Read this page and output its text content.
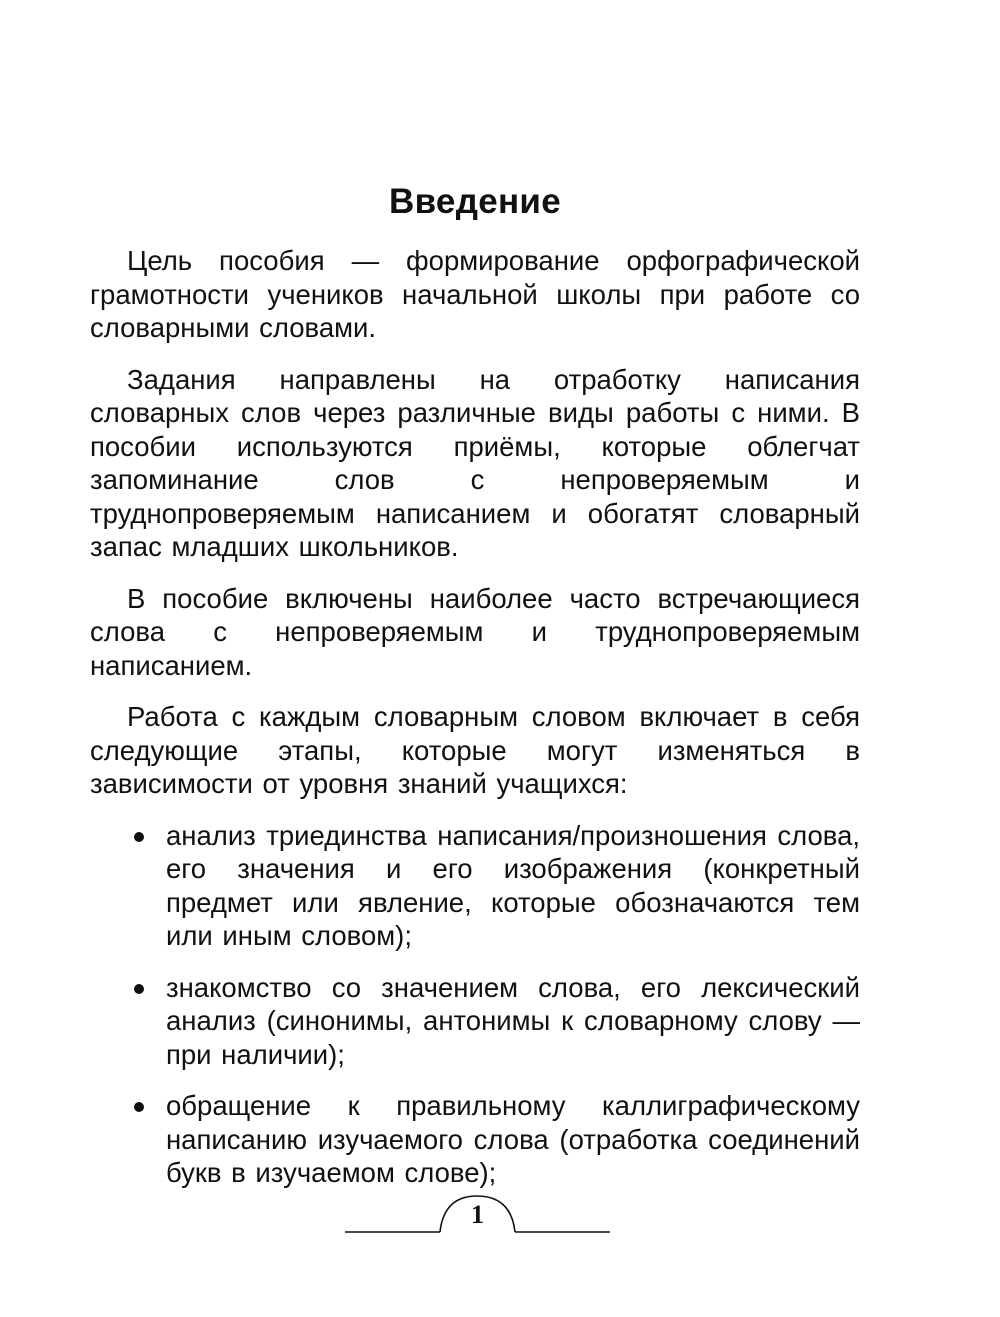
Введение

Цель пособия — формирование орфографической грамотности учеников начальной школы при работе со словарными словами.

Задания направлены на отработку написания словарных слов через различные виды работы с ними. В пособии используются приёмы, которые облегчат запоминание слов с непроверяемым и труднопроверяемым написанием и обогатят словарный запас младших школьников.

В пособие включены наиболее часто встречающиеся слова с непроверяемым и труднопроверяемым написанием.

Работа с каждым словарным словом включает в себя следующие этапы, которые могут изменяться в зависимости от уровня знаний учащихся:

анализ триединства написания/произношения слова, его значения и его изображения (конкретный предмет или явление, которые обозначаются тем или иным словом);
знакомство со значением слова, его лексический анализ (синонимы, антонимы к словарному слову — при наличии);
обращение к правильному каллиграфическому написанию изучаемого слова (отработка соединений букв в изучаемом слове);
1
